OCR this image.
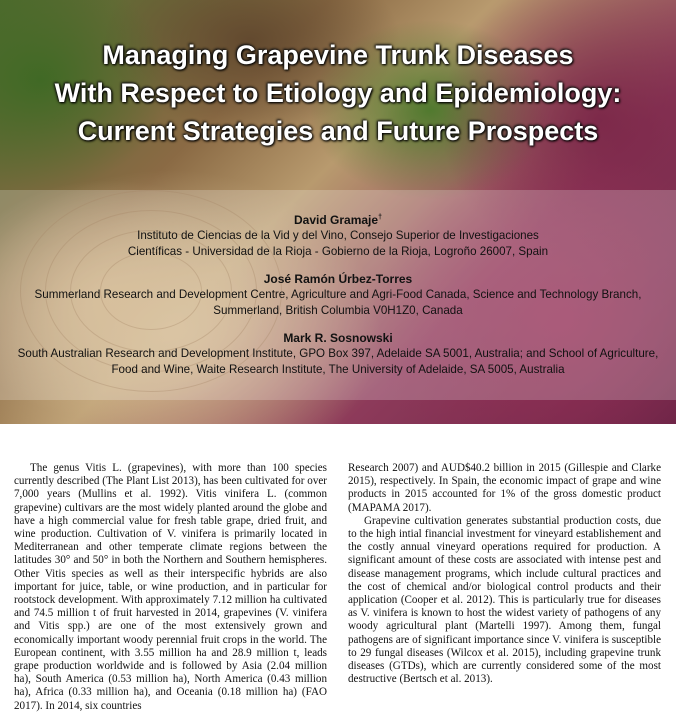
Managing Grapevine Trunk Diseases
With Respect to Etiology and Epidemiology:
Current Strategies and Future Prospects
David Gramaje†
Instituto de Ciencias de la Vid y del Vino, Consejo Superior de Investigaciones
Científicas - Universidad de la Rioja - Gobierno de la Rioja, Logroño 26007, Spain
José Ramón Úrbez-Torres
Summerland Research and Development Centre, Agriculture and Agri-Food Canada, Science and Technology Branch,
Summerland, British Columbia V0H1Z0, Canada
Mark R. Sosnowski
South Australian Research and Development Institute, GPO Box 397, Adelaide SA 5001, Australia; and School of Agriculture,
Food and Wine, Waite Research Institute, The University of Adelaide, SA 5005, Australia

The genus Vitis L. (grapevines), with more than 100 species currently described (The Plant List 2013), has been cultivated for over 7,000 years (Mullins et al. 1992). Vitis vinifera L. (common grapevine) cultivars are the most widely planted around the globe and have a high commercial value for fresh table grape, dried fruit, and wine production. Cultivation of V. vinifera is primarily located in Mediterranean and other temperate climate regions between the latitudes 30° and 50° in both the Northern and Southern hemispheres. Other Vitis species as well as their interspecific hybrids are also important for juice, table, or wine production, and in particular for rootstock development. With approximately 7.12 million ha cultivated and 74.5 million t of fruit harvested in 2014, grapevines (V. vinifera and Vitis spp.) are one of the most extensively grown and economically important woody perennial fruit crops in the world. The European continent, with 3.55 million ha and 28.9 million t, leads grape production worldwide and is followed by Asia (2.04 million ha), South America (0.53 million ha), North America (0.43 million ha), Africa (0.33 million ha), and Oceania (0.18 million ha) (FAO 2017). In 2014, six countries

Research 2007) and AUD$40.2 billion in 2015 (Gillespie and Clarke 2015), respectively. In Spain, the economic impact of grape and wine products in 2015 accounted for 1% of the gross domestic product (MAPAMA 2017).

Grapevine cultivation generates substantial production costs, due to the high intial financial investment for vineyard establishement and the costly annual vineyard operations required for production. A significant amount of these costs are associated with intense pest and disease management programs, which include cultural practices and the cost of chemical and/or biological control products and their application (Cooper et al. 2012). This is particularly true for diseases as V. vinifera is known to host the widest variety of pathogens of any woody agricultural plant (Martelli 1997). Among them, fungal pathogens are of significant importance since V. vinifera is susceptible to 29 fungal diseases (Wilcox et al. 2015), including grapevine trunk diseases (GTDs), which are currently considered some of the most destructive (Bertsch et al. 2013).
